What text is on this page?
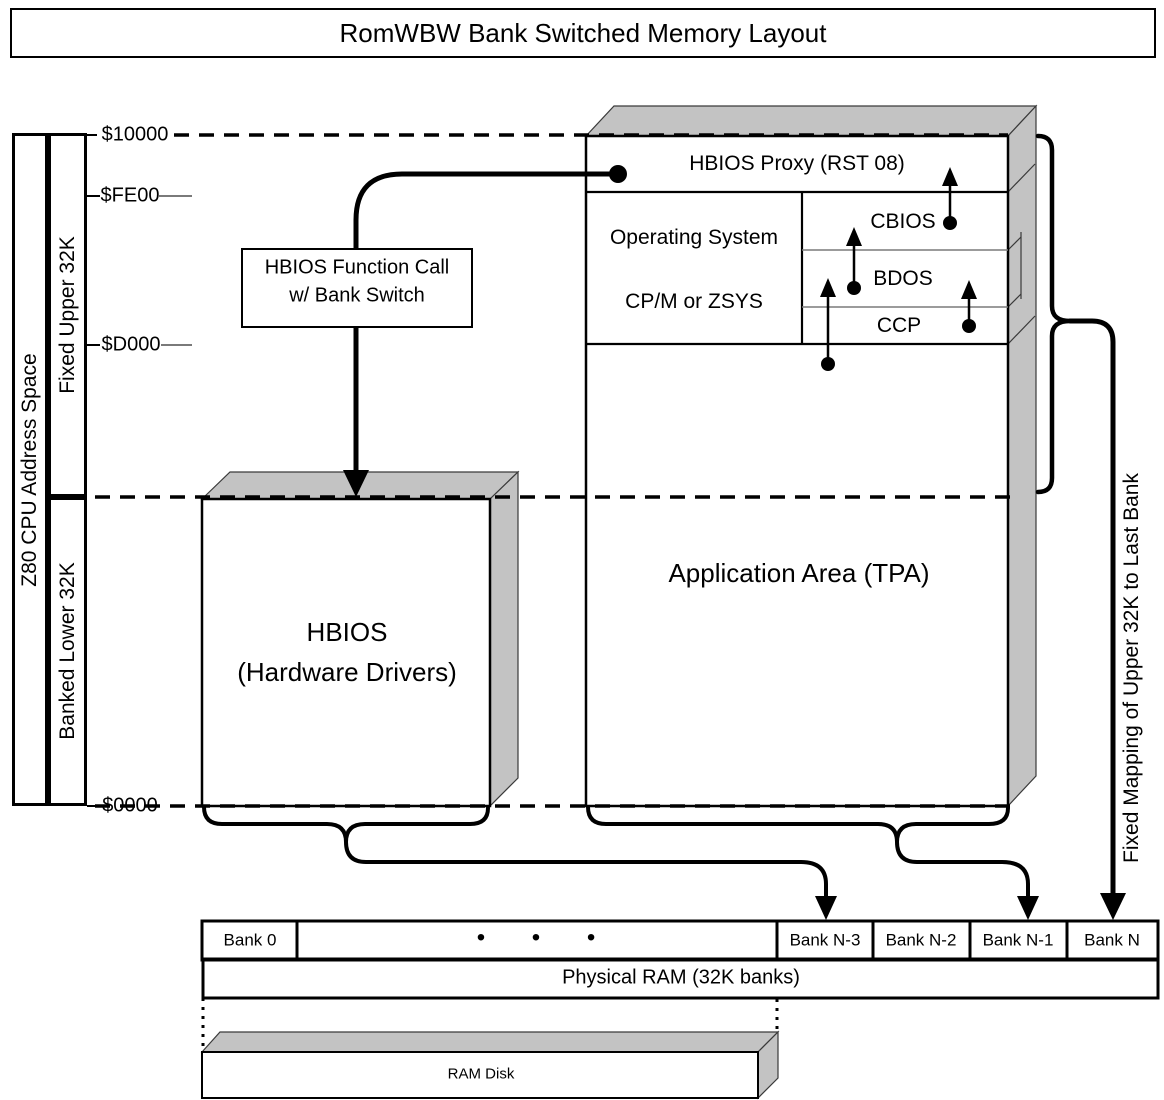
RomWBW Bank Switched Memory Layout
Z80 CPU Address Space
Fixed Upper 32K
Banked Lower 32K
$10000
$FE00
$D000
$0000
HBIOS Function Call
w/ Bank Switch
HBIOS Proxy (RST 08)
Operating System
CP/M or ZSYS
CBIOS
BDOS
CCP
Application Area (TPA)
HBIOS
(Hardware Drivers)	Fixed Mapping of Upper 32K to Last Bank
Bank 0	• • •	Bank N-3 Bank N-2 Bank N-1 Bank N
Physical RAM (32K banks)
RAM Disk
